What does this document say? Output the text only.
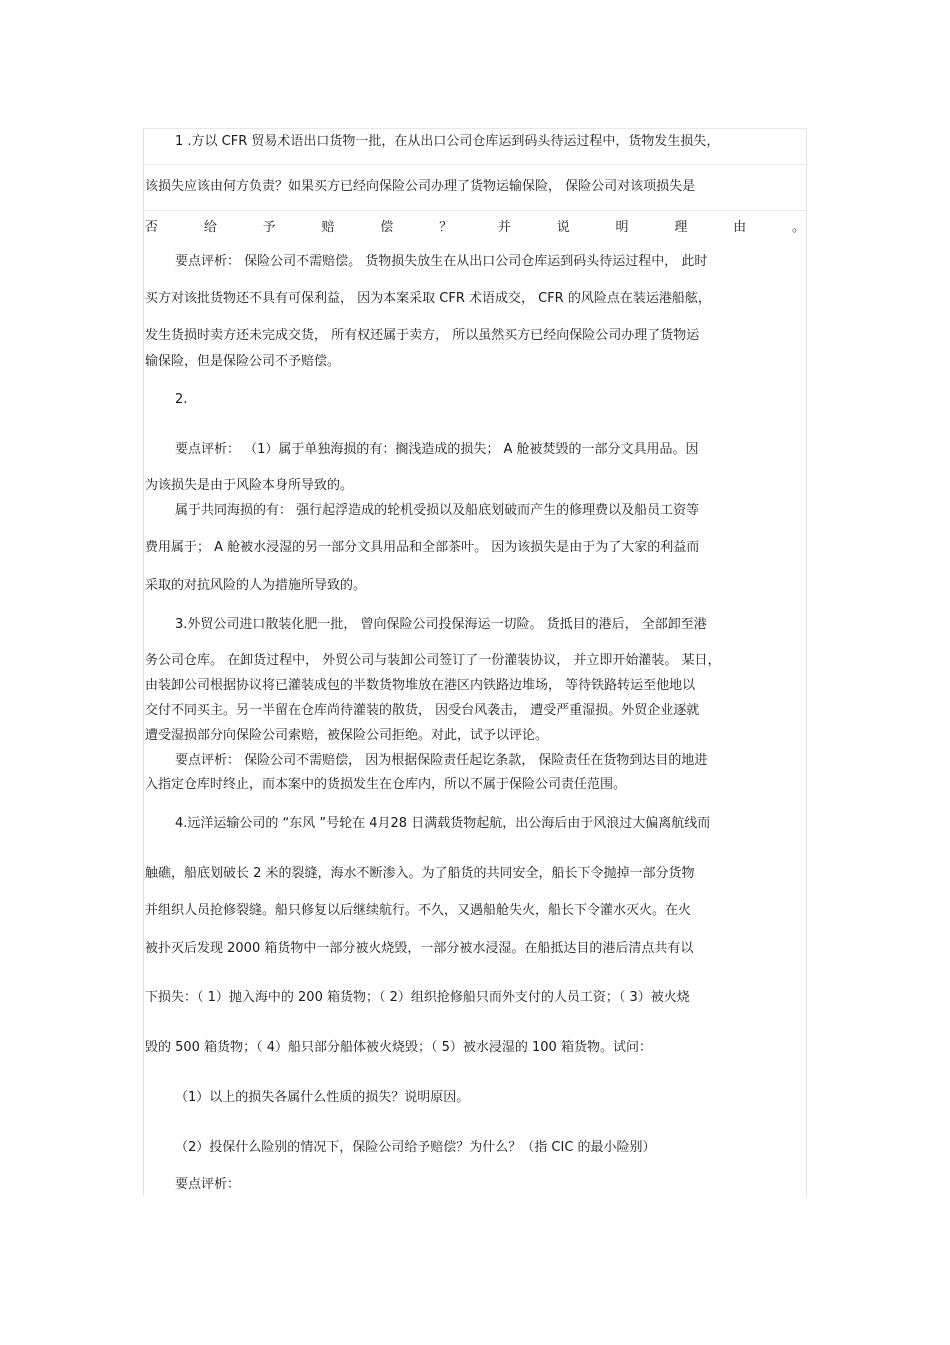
1 .方以 CFR 贸易术语出口货物一批，在从出口公司仓库运到码头待运过程中，货物发生损失，
该损失应该由何方负责？如果买方已经向保险公司办理了货物运输保险， 保险公司对该项损失是
否	给	予	赔	偿	？	并	说	明	理	由	。
要点评析： 保险公司不需赔偿。 货物损失放生在从出口公司仓库运到码头待运过程中， 此时
买方对该批货物还不具有可保利益， 因为本案采取 CFR 术语成交， CFR 的风险点在装运港船舷，
发生货损时卖方还未完成交货， 所有权还属于卖方， 所以虽然买方已经向保险公司办理了货物运
输保险，但是保险公司不予赔偿。
2.
要点评析： （1）属于单独海损的有：搁浅造成的损失； A 舱被焚毁的一部分文具用品。因
为该损失是由于风险本身所导致的。
属于共同海损的有： 强行起浮造成的轮机受损以及船底划破而产生的修理费以及船员工资等
费用属于； A 舱被水浸湿的另一部分文具用品和全部茶叶。 因为该损失是由于为了大家的利益而
采取的对抗风险的人为措施所导致的。
3.外贸公司进口散装化肥一批， 曾向保险公司投保海运一切险。 货抵目的港后， 全部卸至港
务公司仓库。 在卸货过程中， 外贸公司与装卸公司签订了一份灌装协议， 并立即开始灌装。 某日，
由装卸公司根据协议将已灌装成包的半数货物堆放在港区内铁路边堆场， 等待铁路转运至他地以
交付不同买主。另一半留在仓库尚待灌装的散货， 因受台风袭击， 遭受严重湿损。外贸企业逐就
遭受湿损部分向保险公司索赔，被保险公司拒绝。对此，试予以评论。
要点评析： 保险公司不需赔偿， 因为根据保险责任起讫条款， 保险责任在货物到达目的地进
入指定仓库时终止，而本案中的货损发生在仓库内，所以不属于保险公司责任范围。
4.远洋运输公司的 “东风 ”号轮在 4月28 日满载货物起航，出公海后由于风浪过大偏离航线而
触礁，船底划破长 2 米的裂缝，海水不断渗入。为了船货的共同安全，船长下令抛掉一部分货物
并组织人员抢修裂缝。船只修复以后继续航行。不久，又遇船舱失火，船长下令灌水灭火。在火
被扑灭后发现 2000 箱货物中一部分被火烧毁，一部分被水浸湿。在船抵达目的港后清点共有以
下损失：（ 1）抛入海中的 200 箱货物；（ 2）组织抢修船只而外支付的人员工资；（ 3）被火烧
毁的 500 箱货物；（ 4）船只部分船体被火烧毁；（ 5）被水浸湿的 100 箱货物。试问：
（1）以上的损失各属什么性质的损失？说明原因。
（2）投保什么险别的情况下，保险公司给予赔偿？为什么？（指 CIC 的最小险别）
要点评析：
